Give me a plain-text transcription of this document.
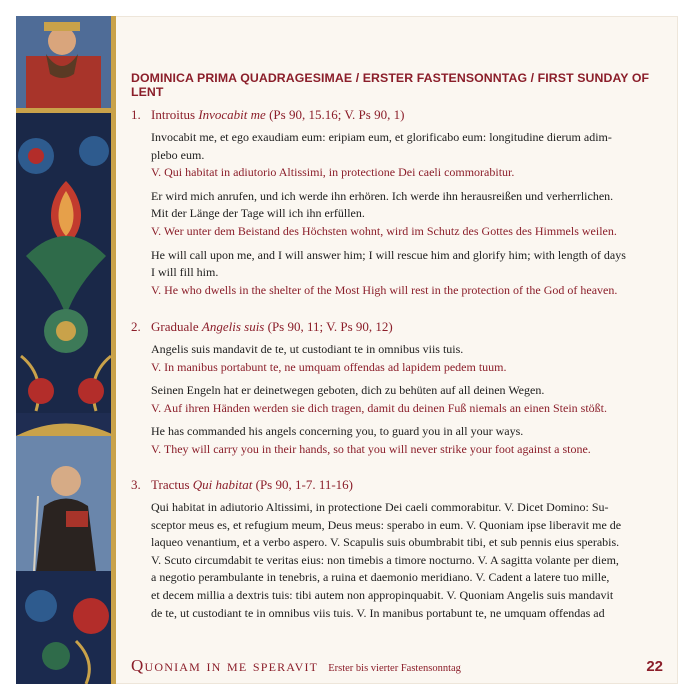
DOMINICA PRIMA QUADRAGESIMAE / ERSTER FASTENSONNTAG / FIRST SUNDAY OF LENT
1. Introitus Invocabit me (Ps 90, 15.16; V. Ps 90, 1)

Invocabit me, et ego exaudiam eum: eripiam eum, et glorificabo eum: longitudine dierum adim-

plebo eum.

V. Qui habitat in adiutorio Altissimi, in protectione Dei caeli commorabitur.

Er wird mich anrufen, und ich werde ihn erhören. Ich werde ihn herausreißen und verherrlichen.

Mit der Länge der Tage will ich ihn erfüllen.

V. Wer unter dem Beistand des Höchsten wohnt, wird im Schutz des Gottes des Himmels weilen.

He will call upon me, and I will answer him; I will rescue him and glorify him; with length of days

I will fill him.

V. He who dwells in the shelter of the Most High will rest in the protection of the God of heaven.

2. Graduale Angelis suis (Ps 90, 11; V. Ps 90, 12)

Angelis suis mandavit de te, ut custodiant te in omnibus viis tuis.

V. In manibus portabunt te, ne umquam offendas ad lapidem pedem tuum.

Seinen Engeln hat er deinetwegen geboten, dich zu behüten auf all deinen Wegen.

V. Auf ihren Händen werden sie dich tragen, damit du deinen Fuß niemals an einen Stein stößt.

He has commanded his angels concerning you, to guard you in all your ways.

V. They will carry you in their hands, so that you will never strike your foot against a stone.

3. Tractus Qui habitat (Ps 90, 1-7. 11-16)

Qui habitat in adiutorio Altissimi, in protectione Dei caeli commorabitur. V. Dicet Domino: Su-

sceptor meus es, et refugium meum, Deus meus: sperabo in eum. V. Quoniam ipse liberavit me de

laqueo venantium, et a verbo aspero. V. Scapulis suis obumbrabit tibi, et sub pennis eius sperabis.

V. Scuto circumdabit te veritas eius: non timebis a timore nocturno. V. A sagitta volante per diem,

a negotio perambulante in tenebris, a ruina et daemonio meridiano. V. Cadent a latere tuo mille,

et decem millia a dextris tuis: tibi autem non appropinquabit. V. Quoniam Angelis suis mandavit

de te, ut custodiant te in omnibus viis tuis. V. In manibus portabunt te, ne umquam offendas ad

Quoniam in me speravit Erster bis vierter Fastensonntag	22
